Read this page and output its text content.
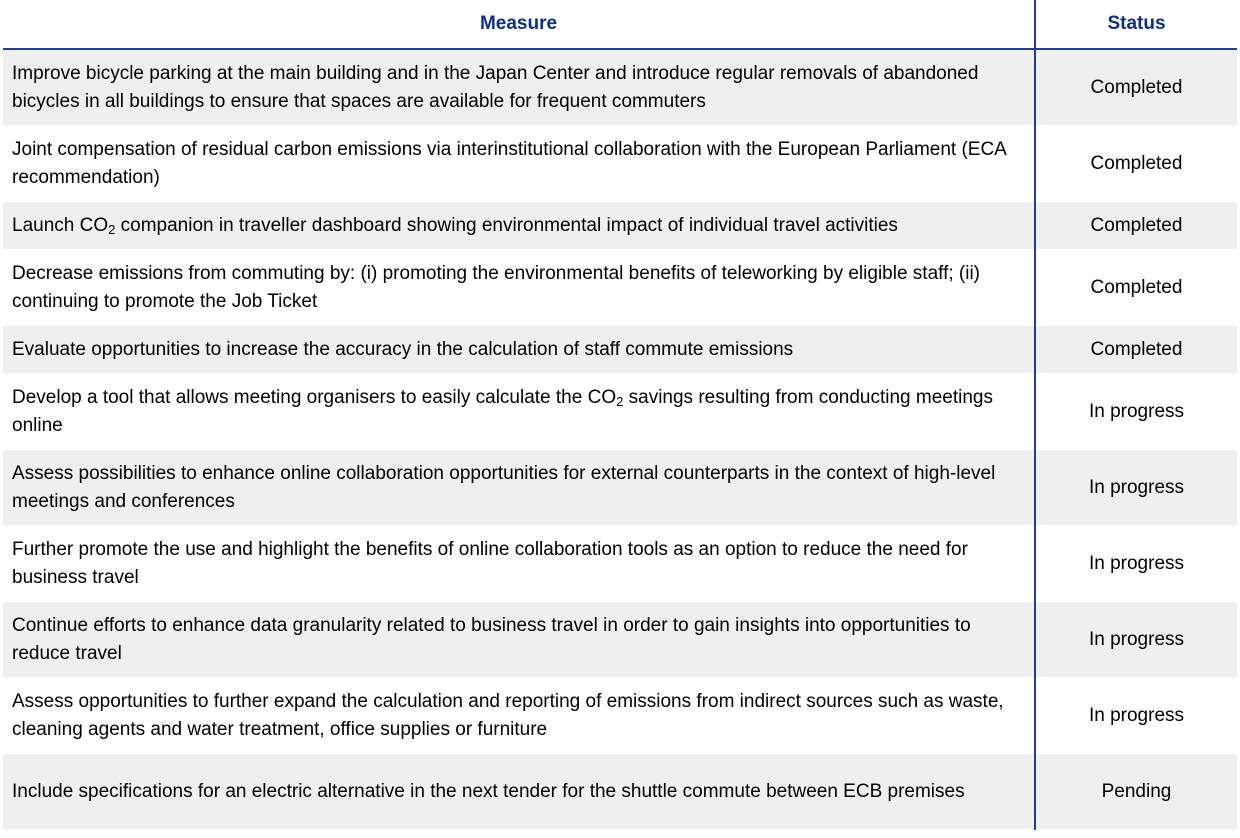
Measure	Status
Improve bicycle parking at the main building and in the Japan Center and introduce regular removals of abandoned bicycles in all buildings to ensure that spaces are available for frequent commuters	Completed
Joint compensation of residual carbon emissions via interinstitutional collaboration with the European Parliament (ECA recommendation)	Completed
Launch $CO_2$ companion in traveller dashboard showing environmental impact of individual travel activities	Completed
Decrease emissions from commuting by: (i) promoting the environmental benefits of teleworking by eligible staff; (ii) continuing to promote the Job Ticket	Completed
Evaluate opportunities to increase the accuracy in the calculation of staff commute emissions	Completed
Develop a tool that allows meeting organisers to easily calculate the $CO_2$ savings resulting from conducting meetings online	In progress
Assess possibilities to enhance online collaboration opportunities for external counterparts in the context of high-level meetings and conferences	In progress
Further promote the use and highlight the benefits of online collaboration tools as an option to reduce the need for business travel	In progress
Continue efforts to enhance data granularity related to business travel in order to gain insights into opportunities to reduce travel	In progress
Assess opportunities to further expand the calculation and reporting of emissions from indirect sources such as waste, cleaning agents and water treatment, office supplies or furniture	In progress
Include specifications for an electric alternative in the next tender for the shuttle commute between ECB premises	Pending
